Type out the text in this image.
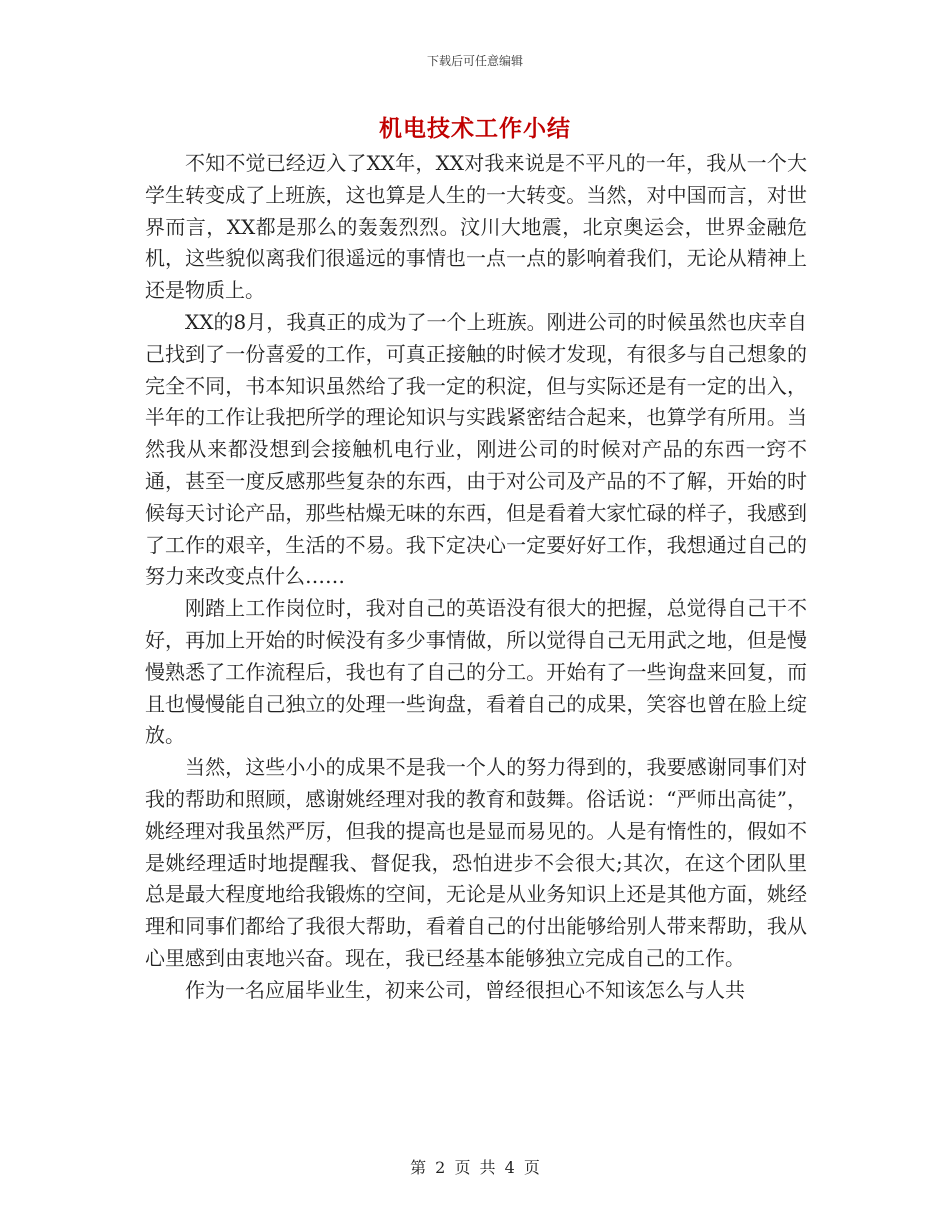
下载后可任意编辑
机电技术工作小结

不知不觉已经迈入了XX年，XX对我来说是不平凡的一年，我从一个大学生转变成了上班族，这也算是人生的一大转变。当然，对中国而言，对世界而言，XX都是那么的轰轰烈烈。汶川大地震，北京奥运会，世界金融危机，这些貌似离我们很遥远的事情也一点一点的影响着我们，无论从精神上还是物质上。

XX的8月，我真正的成为了一个上班族。刚进公司的时候虽然也庆幸自己找到了一份喜爱的工作，可真正接触的时候才发现，有很多与自己想象的完全不同，书本知识虽然给了我一定的积淀，但与实际还是有一定的出入，半年的工作让我把所学的理论知识与实践紧密结合起来，也算学有所用。当然我从来都没想到会接触机电行业，刚进公司的时候对产品的东西一窍不通，甚至一度反感那些复杂的东西，由于对公司及产品的不了解，开始的时候每天讨论产品，那些枯燥无味的东西，但是看着大家忙碌的样子，我感到了工作的艰辛，生活的不易。我下定决心一定要好好工作，我想通过自己的努力来改变点什么……

刚踏上工作岗位时，我对自己的英语没有很大的把握，总觉得自己干不好，再加上开始的时候没有多少事情做，所以觉得自己无用武之地，但是慢慢熟悉了工作流程后，我也有了自己的分工。开始有了一些询盘来回复，而且也慢慢能自己独立的处理一些询盘，看着自己的成果，笑容也曾在脸上绽放。

当然，这些小小的成果不是我一个人的努力得到的，我要感谢同事们对我的帮助和照顾，感谢姚经理对我的教育和鼓舞。俗话说：“严师出高徒”，姚经理对我虽然严厉，但我的提高也是显而易见的。人是有惰性的，假如不是姚经理适时地提醒我、督促我，恐怕进步不会很大;其次，在这个团队里总是最大程度地给我锻炼的空间，无论是从业务知识上还是其他方面，姚经理和同事们都给了我很大帮助，看着自己的付出能够给别人带来帮助，我从心里感到由衷地兴奋。现在，我已经基本能够独立完成自己的工作。

作为一名应届毕业生，初来公司，曾经很担心不知该怎么与人共

第 2 页 共 4 页
